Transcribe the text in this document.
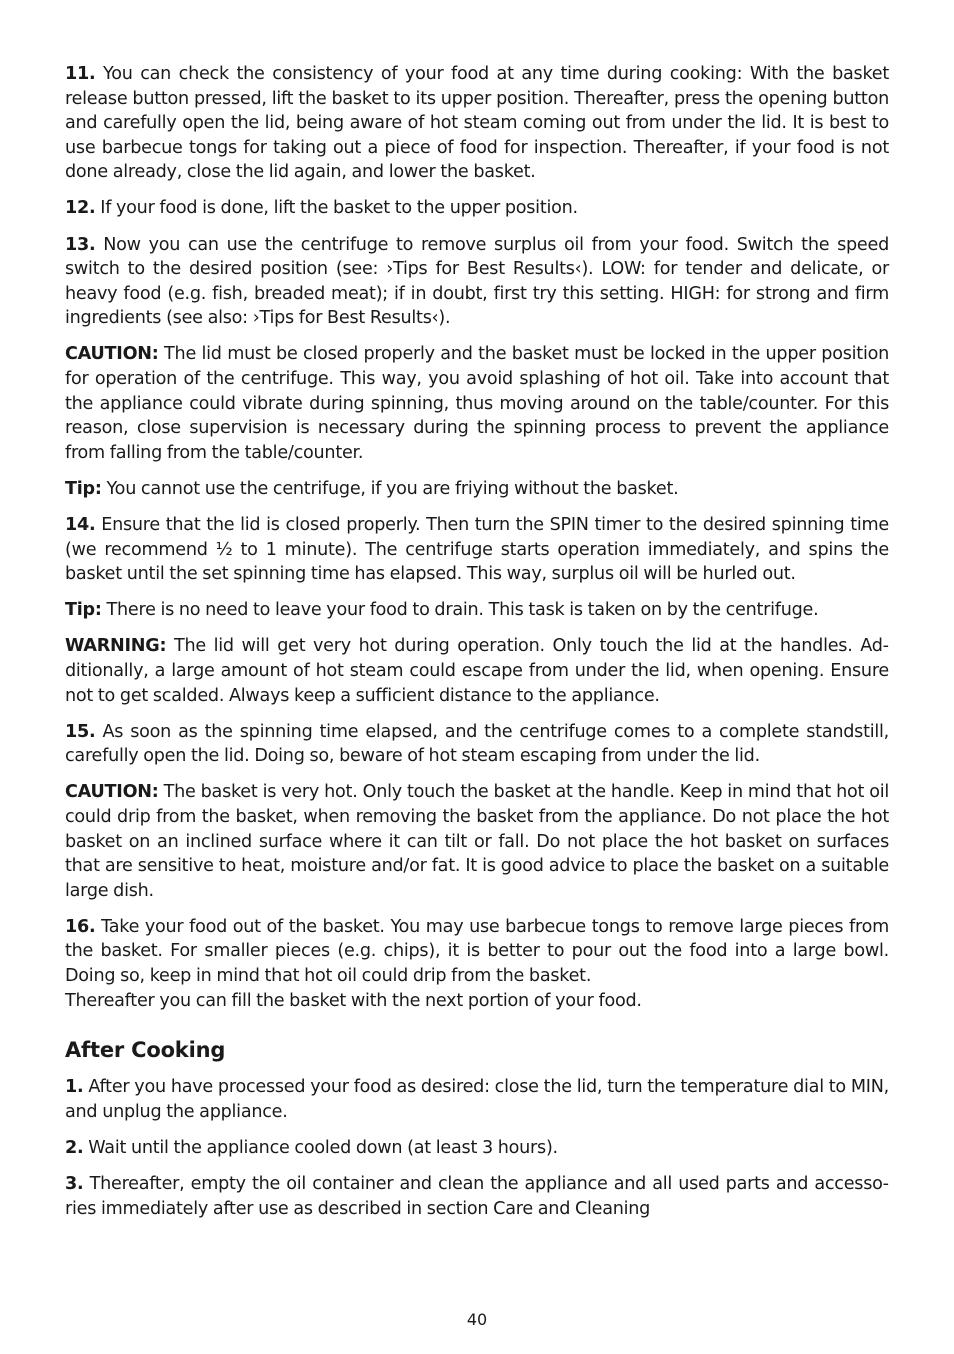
11. You can check the consistency of your food at any time during cooking: With the basket release button pressed, lift the basket to its upper position. Thereafter, press the opening button and carefully open the lid, being aware of hot steam coming out from under the lid. It is best to use barbecue tongs for taking out a piece of food for inspection. Thereafter, if your food is not done already, close the lid again, and lower the basket.

12. If your food is done, lift the basket to the upper position.

13. Now you can use the centrifuge to remove surplus oil from your food. Switch the speed switch to the desired position (see: ›Tips for Best Results‹). LOW: for tender and delicate, or heavy food (e.g. fish, breaded meat); if in doubt, first try this setting. HIGH: for strong and firm ingredients (see also: ›Tips for Best Results‹).

CAUTION: The lid must be closed properly and the basket must be locked in the upper position for operation of the centrifuge. This way, you avoid splashing of hot oil. Take into account that the appliance could vibrate during spinning, thus moving around on the table/counter. For this reason, close supervision is necessary during the spinning process to prevent the appliance from falling from the table/counter.

Tip: You cannot use the centrifuge, if you are friying without the basket.

14. Ensure that the lid is closed properly. Then turn the SPIN timer to the desired spinning time (we recommend ½ to 1 minute). The centrifuge starts operation immediately, and spins the basket until the set spinning time has elapsed. This way, surplus oil will be hurled out.

Tip: There is no need to leave your food to drain. This task is taken on by the centrifuge.

WARNING: The lid will get very hot during operation. Only touch the lid at the handles. Additionally, a large amount of hot steam could escape from under the lid, when opening. Ensure not to get scalded. Always keep a sufficient distance to the appliance.

15. As soon as the spinning time elapsed, and the centrifuge comes to a complete standstill, carefully open the lid. Doing so, beware of hot steam escaping from under the lid.

CAUTION: The basket is very hot. Only touch the basket at the handle. Keep in mind that hot oil could drip from the basket, when removing the basket from the appliance. Do not place the hot basket on an inclined surface where it can tilt or fall. Do not place the hot basket on surfaces that are sensitive to heat, moisture and/or fat. It is good advice to place the basket on a suitable large dish.

16. Take your food out of the basket. You may use barbecue tongs to remove large pieces from the basket. For smaller pieces (e.g. chips), it is better to pour out the food into a large bowl. Doing so, keep in mind that hot oil could drip from the basket.
Thereafter you can fill the basket with the next portion of your food.

After Cooking

1. After you have processed your food as desired: close the lid, turn the temperature dial to MIN, and unplug the appliance.

2. Wait until the appliance cooled down (at least 3 hours).

3. Thereafter, empty the oil container and clean the appliance and all used parts and accessories immediately after use as described in section Care and Cleaning

40
